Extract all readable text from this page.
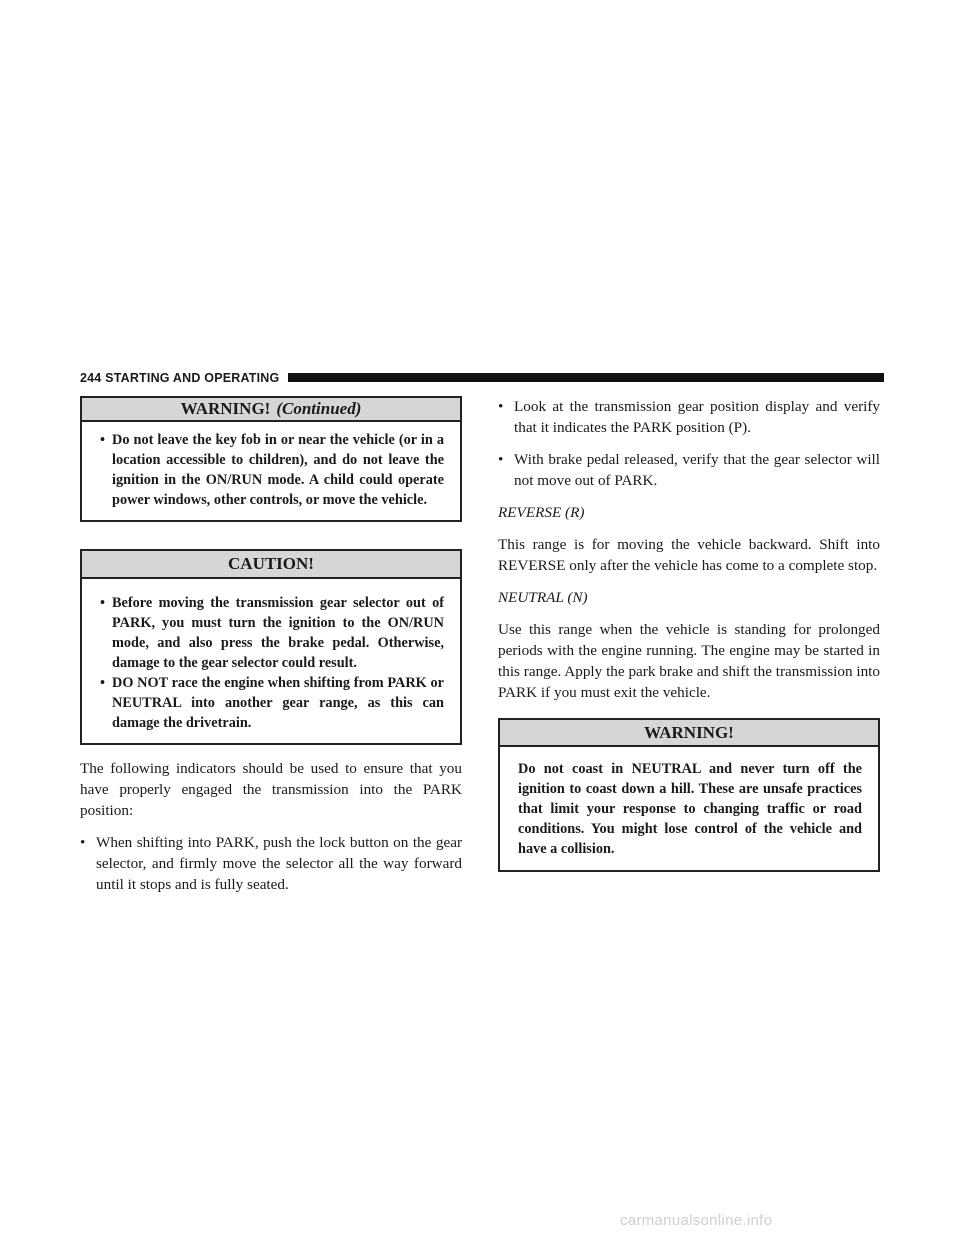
244 STARTING AND OPERATING
WARNING! (Continued)
• Do not leave the key fob in or near the vehicle (or in a location accessible to children), and do not leave the ignition in the ON/RUN mode. A child could operate power windows, other controls, or move the vehicle.
CAUTION!
• Before moving the transmission gear selector out of PARK, you must turn the ignition to the ON/RUN mode, and also press the brake pedal. Otherwise, damage to the gear selector could result.
• DO NOT race the engine when shifting from PARK or NEUTRAL into another gear range, as this can damage the drivetrain.

The following indicators should be used to ensure that you have properly engaged the transmission into the PARK position:

• When shifting into PARK, push the lock button on the gear selector, and firmly move the selector all the way forward until it stops and is fully seated.
• Look at the transmission gear position display and verify that it indicates the PARK position (P).
• With brake pedal released, verify that the gear selector will not move out of PARK.
REVERSE (R)

This range is for moving the vehicle backward. Shift into REVERSE only after the vehicle has come to a complete stop.

NEUTRAL (N)

Use this range when the vehicle is standing for prolonged periods with the engine running. The engine may be started in this range. Apply the park brake and shift the transmission into PARK if you must exit the vehicle.

WARNING!
Do not coast in NEUTRAL and never turn off the ignition to coast down a hill. These are unsafe practices that limit your response to changing traffic or road conditions. You might lose control of the vehicle and have a collision.
carmanualsonline.info
